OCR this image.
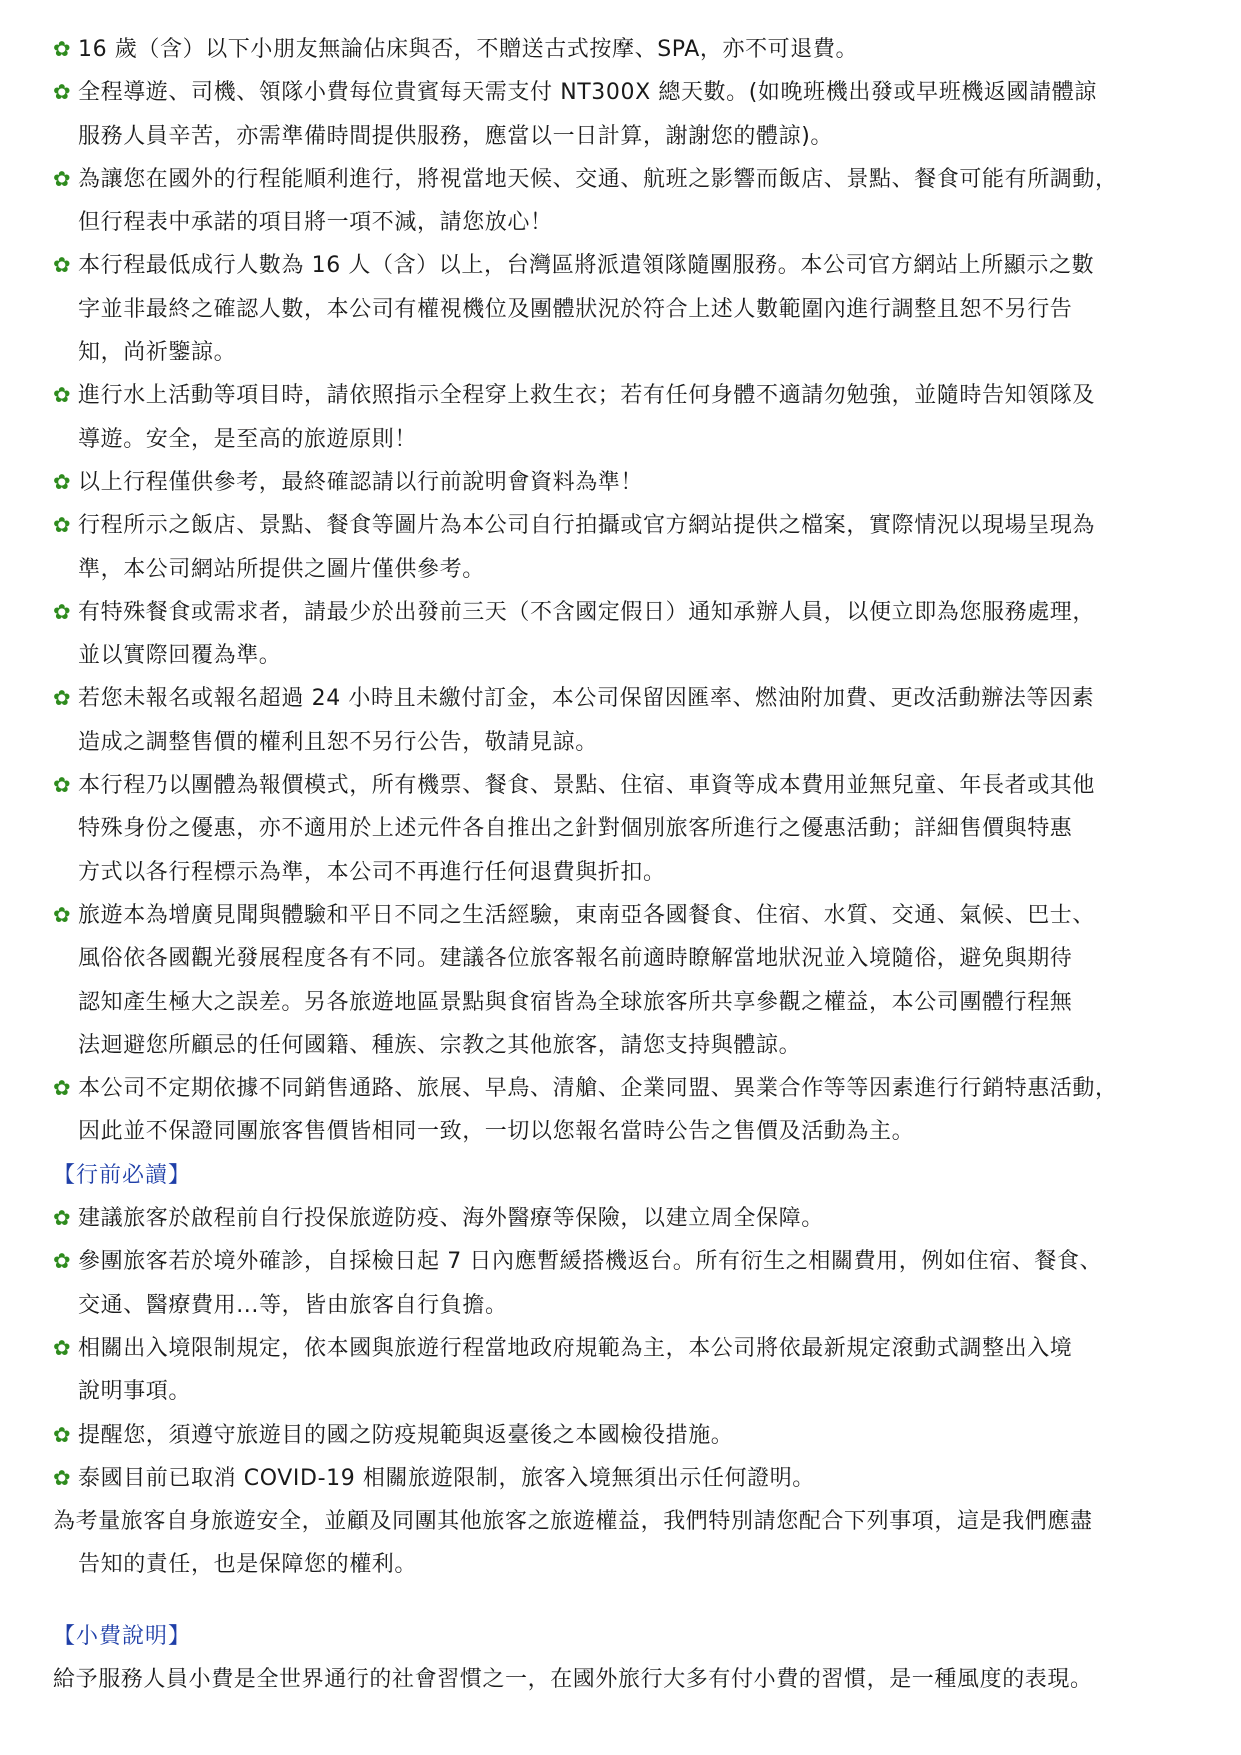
✿ 16 歲（含）以下小朋友無論佔床與否，不贈送古式按摩、SPA，亦不可退費。
✿ 全程導遊、司機、領隊小費每位貴賓每天需支付 NT300X 總天數。(如晚班機出發或早班機返國請體諒
服務人員辛苦，亦需準備時間提供服務，應當以一日計算，謝謝您的體諒)。
✿ 為讓您在國外的行程能順利進行，將視當地天候、交通、航班之影響而飯店、景點、餐食可能有所調動，
但行程表中承諾的項目將一項不減，請您放心！
✿ 本行程最低成行人數為 16 人（含）以上，台灣區將派遣領隊隨團服務。本公司官方網站上所顯示之數
字並非最終之確認人數，本公司有權視機位及團體狀況於符合上述人數範圍內進行調整且恕不另行告
知，尚祈鑒諒。
✿ 進行水上活動等項目時，請依照指示全程穿上救生衣；若有任何身體不適請勿勉強，並隨時告知領隊及
導遊。安全，是至高的旅遊原則！
✿ 以上行程僅供參考，最終確認請以行前說明會資料為準！
✿ 行程所示之飯店、景點、餐食等圖片為本公司自行拍攝或官方網站提供之檔案，實際情況以現場呈現為
準，本公司網站所提供之圖片僅供參考。
✿ 有特殊餐食或需求者，請最少於出發前三天（不含國定假日）通知承辦人員，以便立即為您服務處理，
並以實際回覆為準。
✿ 若您未報名或報名超過 24 小時且未繳付訂金，本公司保留因匯率、燃油附加費、更改活動辦法等因素
造成之調整售價的權利且恕不另行公告，敬請見諒。
✿ 本行程乃以團體為報價模式，所有機票、餐食、景點、住宿、車資等成本費用並無兒童、年長者或其他
特殊身份之優惠，亦不適用於上述元件各自推出之針對個別旅客所進行之優惠活動；詳細售價與特惠
方式以各行程標示為準，本公司不再進行任何退費與折扣。
✿ 旅遊本為增廣見聞與體驗和平日不同之生活經驗，東南亞各國餐食、住宿、水質、交通、氣候、巴士、
風俗依各國觀光發展程度各有不同。建議各位旅客報名前適時瞭解當地狀況並入境隨俗，避免與期待
認知產生極大之誤差。另各旅遊地區景點與食宿皆為全球旅客所共享參觀之權益，本公司團體行程無
法迴避您所顧忌的任何國籍、種族、宗教之其他旅客，請您支持與體諒。
✿ 本公司不定期依據不同銷售通路、旅展、早鳥、清艙、企業同盟、異業合作等等因素進行行銷特惠活動，
因此並不保證同團旅客售價皆相同一致，一切以您報名當時公告之售價及活動為主。
【行前必讀】
✿ 建議旅客於啟程前自行投保旅遊防疫、海外醫療等保險，以建立周全保障。
✿ 參團旅客若於境外確診，自採檢日起 7 日內應暫緩搭機返台。所有衍生之相關費用，例如住宿、餐食、
交通、醫療費用...等，皆由旅客自行負擔。
✿ 相關出入境限制規定，依本國與旅遊行程當地政府規範為主，本公司將依最新規定滾動式調整出入境
說明事項。
✿ 提醒您，須遵守旅遊目的國之防疫規範與返臺後之本國檢役措施。
✿ 泰國目前已取消 COVID-19 相關旅遊限制，旅客入境無須出示任何證明。
為考量旅客自身旅遊安全，並顧及同團其他旅客之旅遊權益，我們特別請您配合下列事項，這是我們應盡
告知的責任，也是保障您的權利。
【小費說明】
給予服務人員小費是全世界通行的社會習慣之一，在國外旅行大多有付小費的習慣，是一種風度的表現。
